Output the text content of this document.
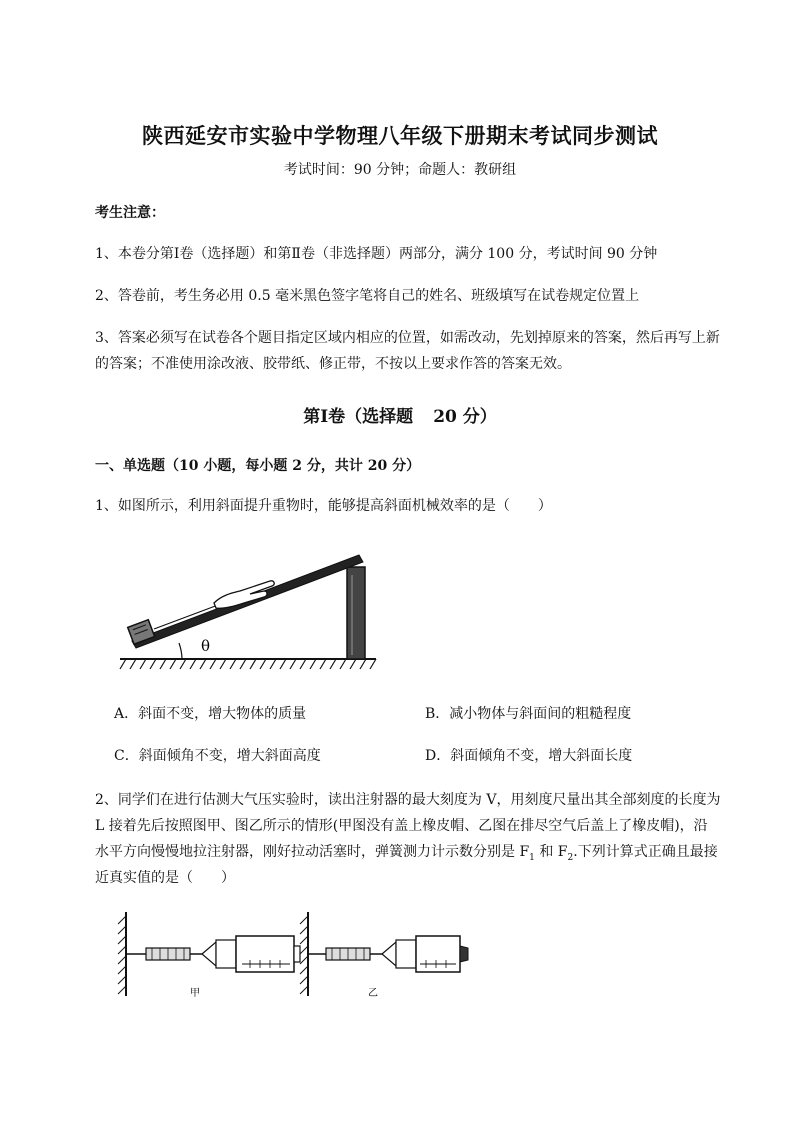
陕西延安市实验中学物理八年级下册期末考试同步测试
考试时间：90 分钟；命题人：教研组
考生注意：
1、本卷分第Ⅰ卷（选择题）和第Ⅱ卷（非选择题）两部分，满分 100 分，考试时间 90 分钟
2、答卷前，考生务必用 0.5 毫米黑色签字笔将自己的姓名、班级填写在试卷规定位置上
3、答案必须写在试卷各个题目指定区域内相应的位置，如需改动，先划掉原来的答案，然后再写上新
的答案；不准使用涂改液、胶带纸、修正带，不按以上要求作答的答案无效。
第Ⅰ卷（选择题 20 分）
一、单选题（10 小题，每小题 2 分，共计 20 分）
1、如图所示，利用斜面提升重物时，能够提高斜面机械效率的是（　　）
θ
A．斜面不变，增大物体的质量	B．减小物体与斜面间的粗糙程度
C．斜面倾角不变，增大斜面高度	D．斜面倾角不变，增大斜面长度
2、同学们在进行估测大气压实验时，读出注射器的最大刻度为 V，用刻度尺量出其全部刻度的长度为
L 接着先后按照图甲、图乙所示的情形(甲图没有盖上橡皮帽、乙图在排尽空气后盖上了橡皮帽)，沿
水平方向慢慢地拉注射器，刚好拉动活塞时，弹簧测力计示数分别是 $F_1$ 和 $F_2$.下列计算式正确且最接
近真实值的是（　　）
甲	乙
